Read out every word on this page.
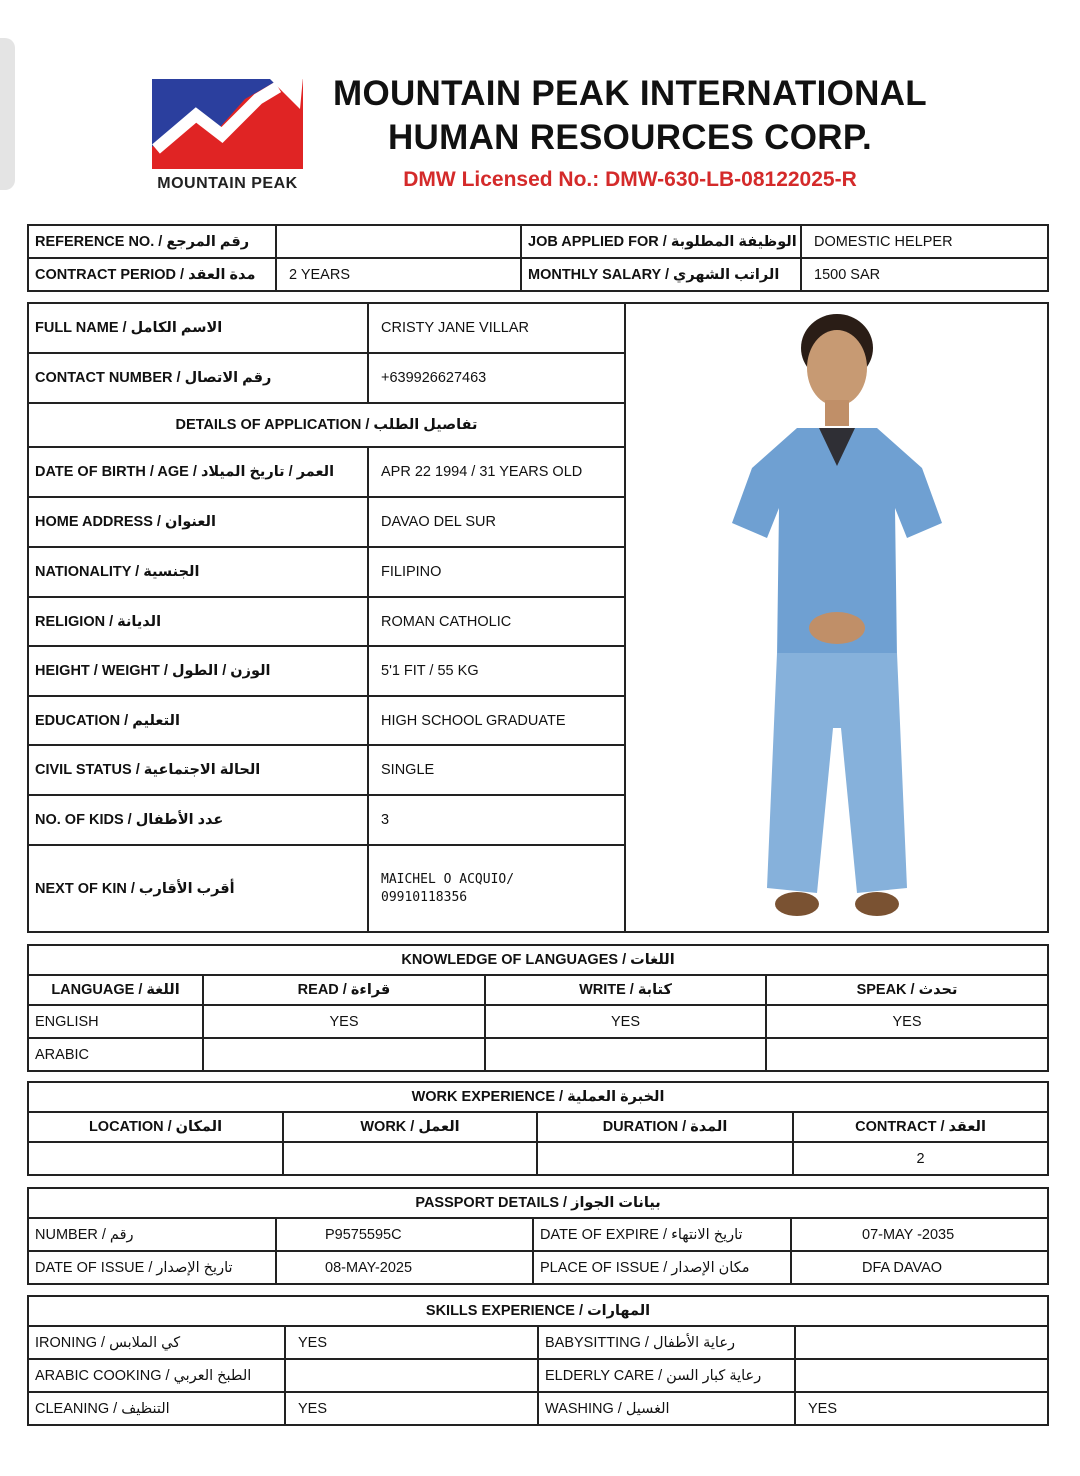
MOUNTAIN PEAK
MOUNTAIN PEAK INTERNATIONAL
HUMAN RESOURCES CORP.
DMW Licensed No.: DMW-630-LB-08122025-R
REFERENCE NO. / رقم المرجع		JOB APPLIED FOR / الوظيفة المطلوبة	DOMESTIC HELPER
CONTRACT PERIOD / مدة العقد	2 YEARS	MONTHLY SALARY / الراتب الشهري	1500 SAR
FULL NAME / الاسم الكامل	CRISTY JANE VILLAR	

CONTACT NUMBER / رقم الاتصال	+639926627463	
DETAILS OF APPLICATION / تفاصيل الطلب		
DATE OF BIRTH / AGE / العمر / تاريخ الميلاد	APR 22 1994 / 31 YEARS OLD	
HOME ADDRESS / العنوان	DAVAO DEL SUR	
NATIONALITY / الجنسية	FILIPINO	
RELIGION / الديانة	ROMAN CATHOLIC	
HEIGHT / WEIGHT / الوزن / الطول	5'1 FIT / 55 KG	
EDUCATION / التعليم	HIGH SCHOOL GRADUATE	
CIVIL STATUS / الحالة الاجتماعية	SINGLE	
NO. OF KIDS / عدد الأطفال	3	
NEXT OF KIN / أقرب الأقارب	MAICHEL O ACQUIO/
09910118356	
KNOWLEDGE OF LANGUAGES / اللغات			
LANGUAGE / اللغة	READ / قراءة	WRITE / كتابة	SPEAK / تحدث
ENGLISH	YES	YES	YES
ARABIC			
WORK EXPERIENCE / الخبرة العملية			
LOCATION / المكان	WORK / العمل	DURATION / المدة	CONTRACT / العقد
			2
PASSPORT DETAILS / بيانات الجواز			
NUMBER / رقم	P9575595C	DATE OF EXPIRE / تاريخ الانتهاء	07-MAY -2035
DATE OF ISSUE / تاريخ الإصدار	08-MAY-2025	PLACE OF ISSUE / مكان الإصدار	DFA DAVAO
SKILLS EXPERIENCE / المهارات			
IRONING / كي الملابس	YES	BABYSITTING / رعاية الأطفال	
ARABIC COOKING / الطبخ العربي		ELDERLY CARE / رعاية كبار السن	
CLEANING / التنظيف	YES	WASHING / الغسيل	YES
